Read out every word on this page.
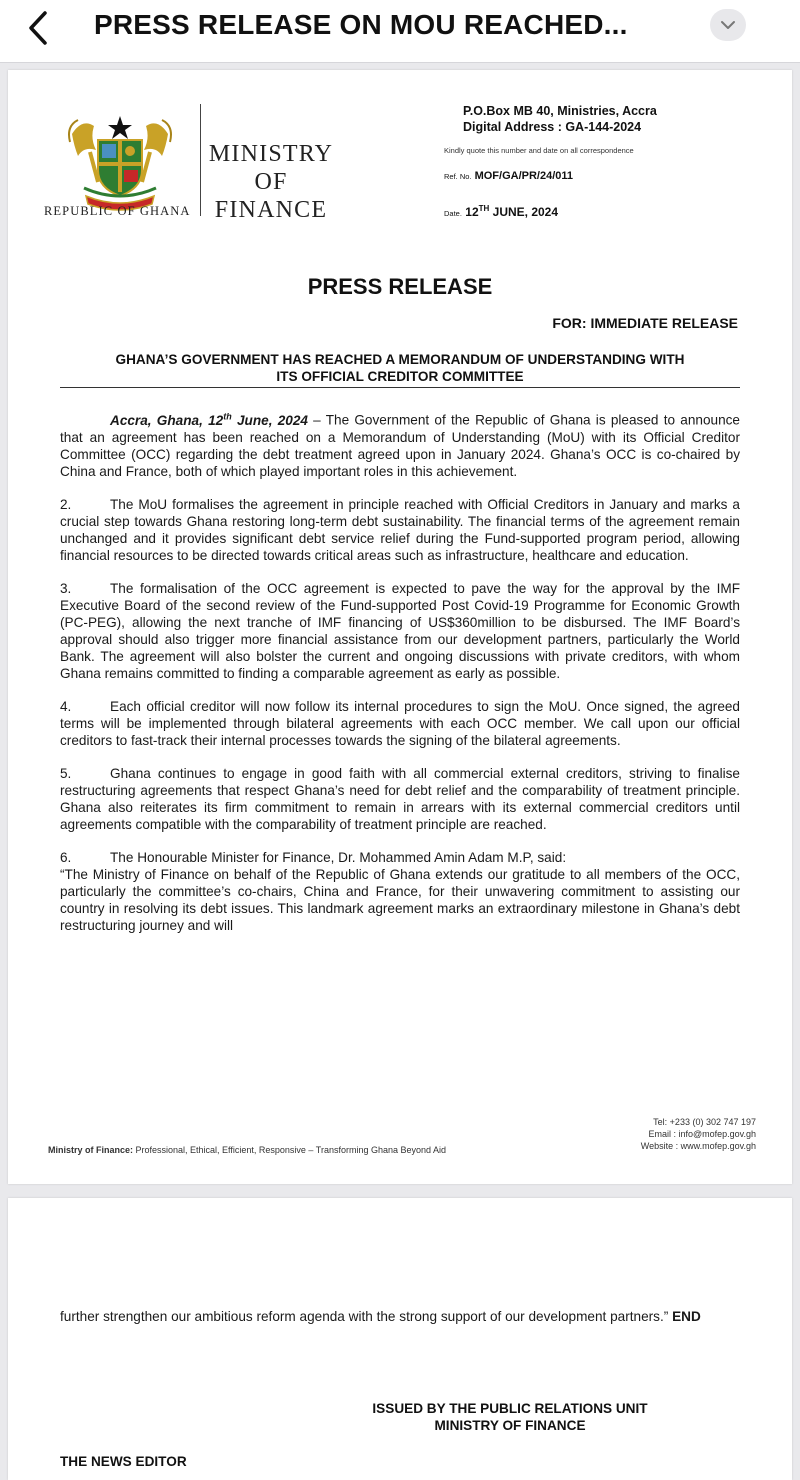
PRESS RELEASE ON MOU REACHED...
REPUBLIC OF GHANA
MINISTRY
OF
FINANCE
P.O.Box MB 40, Ministries, Accra
Digital Address : GA-144-2024
Kindly quote this number and date on all correspondence
Ref. No. MOF/GA/PR/24/011
Date. 12TH JUNE, 2024
PRESS RELEASE
FOR: IMMEDIATE RELEASE
GHANA’S GOVERNMENT HAS REACHED A MEMORANDUM OF UNDERSTANDING WITH
ITS OFFICIAL CREDITOR COMMITTEE

Accra, Ghana, 12th June, 2024 – The Government of the Republic of Ghana is pleased to announce that an agreement has been reached on a Memorandum of Understanding (MoU) with its Official Creditor Committee (OCC) regarding the debt treatment agreed upon in January 2024. Ghana’s OCC is co-chaired by China and France, both of which played important roles in this achievement.

2.	The MoU formalises the agreement in principle reached with Official Creditors in January and marks a crucial step towards Ghana restoring long-term debt sustainability. The financial terms of the agreement remain unchanged and it provides significant debt service relief during the Fund-supported program period, allowing financial resources to be directed towards critical areas such as infrastructure, healthcare and education.

3.	The formalisation of the OCC agreement is expected to pave the way for the approval by the IMF Executive Board of the second review of the Fund-supported Post Covid-19 Programme for Economic Growth (PC-PEG), allowing the next tranche of IMF financing of US$360million to be disbursed. The IMF Board’s approval should also trigger more financial assistance from our development partners, particularly the World Bank. The agreement will also bolster the current and ongoing discussions with private creditors, with whom Ghana remains committed to finding a comparable agreement as early as possible.

4.	Each official creditor will now follow its internal procedures to sign the MoU. Once signed, the agreed terms will be implemented through bilateral agreements with each OCC member. We call upon our official creditors to fast-track their internal processes towards the signing of the bilateral agreements.

5.	Ghana continues to engage in good faith with all commercial external creditors, striving to finalise restructuring agreements that respect Ghana’s need for debt relief and the comparability of treatment principle. Ghana also reiterates its firm commitment to remain in arrears with its external commercial creditors until agreements compatible with the comparability of treatment principle are reached.

6.	The Honourable Minister for Finance, Dr. Mohammed Amin Adam M.P, said:

“The Ministry of Finance on behalf of the Republic of Ghana extends our gratitude to all members of the OCC, particularly the committee’s co-chairs, China and France, for their unwavering commitment to assisting our country in resolving its debt issues. This landmark agreement marks an extraordinary milestone in Ghana’s debt restructuring journey and will

Ministry of Finance: Professional, Ethical, Efficient, Responsive – Transforming Ghana Beyond Aid
Tel: +233 (0) 302 747 197
Email : info@mofep.gov.gh
Website : www.mofep.gov.gh
further strengthen our ambitious reform agenda with the strong support of our development partners.” END
ISSUED BY THE PUBLIC RELATIONS UNIT
MINISTRY OF FINANCE
THE NEWS EDITOR
